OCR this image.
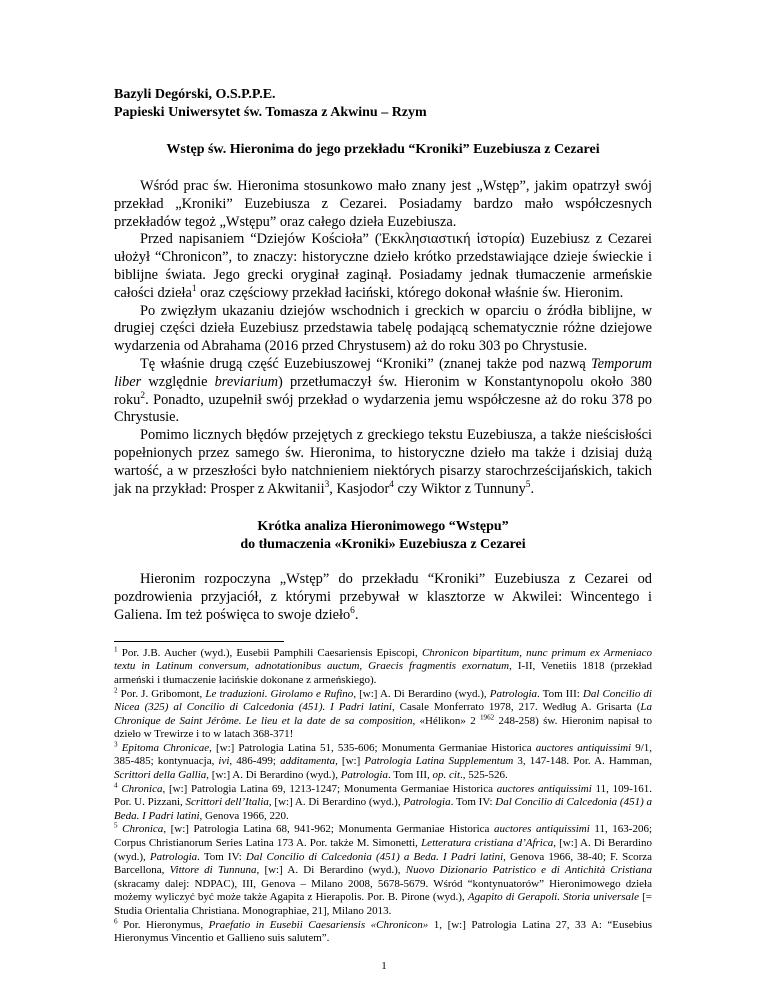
Bazyli Degórski, O.S.P.P.E.
Papieski Uniwersytet św. Tomasza z Akwinu – Rzym
Wstęp św. Hieronima do jego przekładu “Kroniki” Euzebiusza z Cezarei

Wśród prac św. Hieronima stosunkowo mało znany jest „Wstęp”, jakim opatrzył swój przekład „Kroniki” Euzebiusza z Cezarei. Posiadamy bardzo mało współczesnych przekładów tegoż „Wstępu” oraz całego dzieła Euzebiusza.

Przed napisaniem “Dziejów Kościoła” (Ἐκκλησιαστική ἱστορία) Euzebiusz z Cezarei ułożył “Chronicon”, to znaczy: historyczne dzieło krótko przedstawiające dzieje świeckie i biblijne świata. Jego grecki oryginał zaginął. Posiadamy jednak tłumaczenie armeńskie całości dzieła$^1$ oraz częściowy przekład łaciński, którego dokonał właśnie św. Hieronim.

Po zwięzłym ukazaniu dziejów wschodnich i greckich w oparciu o źródła biblijne, w drugiej części dzieła Euzebiusz przedstawia tabelę podającą schematycznie różne dziejowe wydarzenia od Abrahama (2016 przed Chrystusem) aż do roku 303 po Chrystusie.

Tę właśnie drugą część Euzebiuszowej “Kroniki” (znanej także pod nazwą Temporum liber względnie breviarium) przetłumaczył św. Hieronim w Konstantynopolu około 380 roku$^2$. Ponadto, uzupełnił swój przekład o wydarzenia jemu współczesne aż do roku 378 po Chrystusie.

Pomimo licznych błędów przejętych z greckiego tekstu Euzebiusza, a także nieścisłości popełnionych przez samego św. Hieronima, to historyczne dzieło ma także i dzisiaj dużą wartość, a w przeszłości było natchnieniem niektórych pisarzy starochrześcijańskich, takich jak na przykład: Prosper z Akwitanii$^3$, Kasjodor$^4$ czy Wiktor z Tunnuny$^5$.

Krótka analiza Hieronimowego “Wstępu”
do tłumaczenia «Kroniki» Euzebiusza z Cezarei

Hieronim rozpoczyna „Wstęp” do przekładu “Kroniki” Euzebiusza z Cezarei od pozdrowienia przyjaciół, z którymi przebywał w klasztorze w Akwilei: Wincentego i Galiena. Im też poświęca to swoje dzieło$^6$.

$^1$ Por. J.B. Aucher (wyd.), Eusebii Pamphili Caesariensis Episcopi, Chronicon bipartitum, nunc primum ex Armeniaco textu in Latinum conversum, adnotationibus auctum, Graecis fragmentis exornatum, I-II, Venetiis 1818 (przekład armeński i tłumaczenie łacińskie dokonane z armeńskiego).

$^2$ Por. J. Gribomont, Le traduzioni. Girolamo e Rufino, [w:] A. Di Berardino (wyd.), Patrologia. Tom III: Dal Concilio di Nicea (325) al Concilio di Calcedonia (451). I Padri latini, Casale Monferrato 1978, 217. Według A. Grisarta (La Chronique de Saint Jérôme. Le lieu et la date de sa composition, «Hélikon» 2 $^{1962}$ 248-258) św. Hieronim napisał to dzieło w Trewirze i to w latach 368-371!

$^3$ Epitoma Chronicae, [w:] Patrologia Latina 51, 535-606; Monumenta Germaniae Historica auctores antiquissimi 9/1, 385-485; kontynuacja, ivi, 486-499; additamenta, [w:] Patrologia Latina Supplementum 3, 147-148. Por. A. Hamman, Scrittori della Gallia, [w:] A. Di Berardino (wyd.), Patrologia. Tom III, op. cit., 525-526.

$^4$ Chronica, [w:] Patrologia Latina 69, 1213-1247; Monumenta Germaniae Historica auctores antiquissimi 11, 109-161. Por. U. Pizzani, Scrittori dell’Italia, [w:] A. Di Berardino (wyd.), Patrologia. Tom IV: Dal Concilio di Calcedonia (451) a Beda. I Padri latini, Genova 1966, 220.

$^5$ Chronica, [w:] Patrologia Latina 68, 941-962; Monumenta Germaniae Historica auctores antiquissimi 11, 163-206; Corpus Christianorum Series Latina 173 A. Por. także M. Simonetti, Letteratura cristiana d’Africa, [w:] A. Di Berardino (wyd.), Patrologia. Tom IV: Dal Concilio di Calcedonia (451) a Beda. I Padri latini, Genova 1966, 38-40; F. Scorza Barcellona, Vittore di Tunnuna, [w:] A. Di Berardino (wyd.), Nuovo Dizionario Patristico e di Antichità Cristiana (skracamy dalej: NDPAC), III, Genova – Milano 2008, 5678-5679. Wśród “kontynuatorów” Hieronimowego dzieła możemy wyliczyć być może także Agapita z Hierapolis. Por. B. Pirone (wyd.), Agapito di Gerapoli. Storia universale [= Studia Orientalia Christiana. Monographiae, 21], Milano 2013.

$^6$ Por. Hieronymus, Praefatio in Eusebii Caesariensis «Chronicon» 1, [w:] Patrologia Latina 27, 33 A: “Eusebius Hieronymus Vincentio et Gallieno suis salutem”.

1
